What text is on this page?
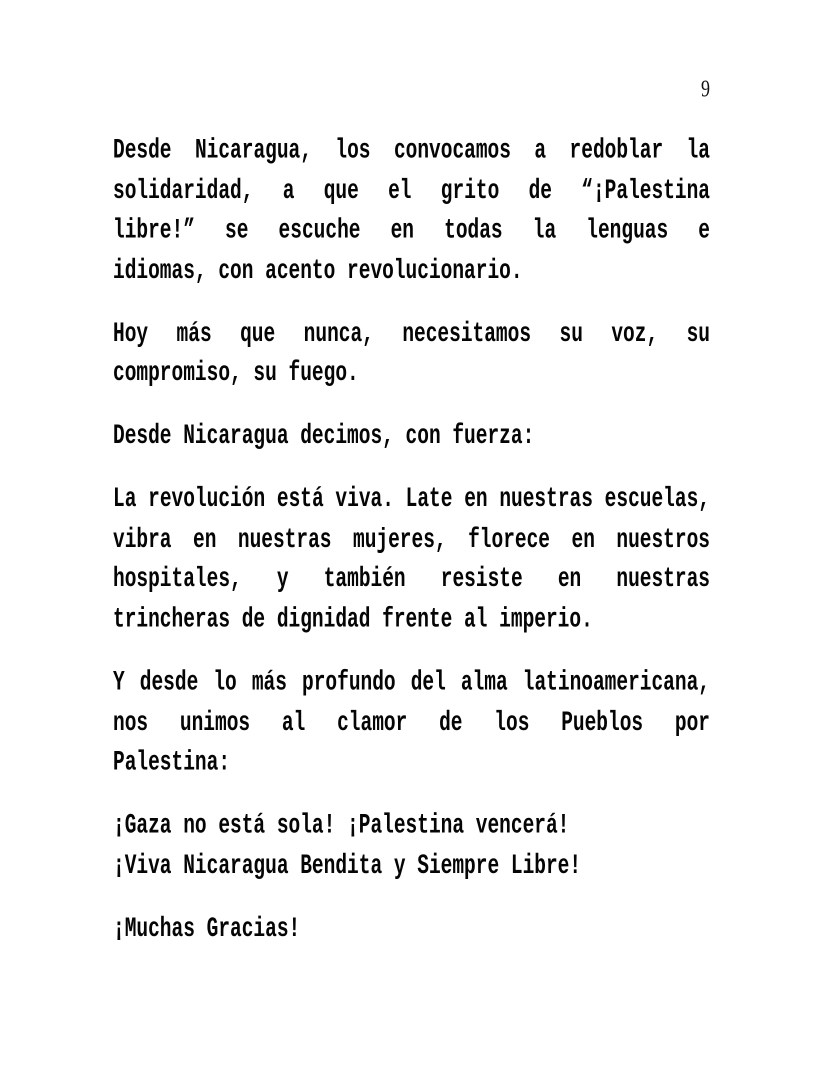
9

Desde Nicaragua, los convocamos a redoblar la
solidaridad, a que el grito de “¡Palestina
libre!” se escuche en todas la lenguas e
idiomas, con acento revolucionario.

Hoy más que nunca, necesitamos su voz, su
compromiso, su fuego.

Desde Nicaragua decimos, con fuerza:

La revolución está viva. Late en nuestras escuelas,
vibra en nuestras mujeres, florece en nuestros
hospitales, y también resiste en nuestras
trincheras de dignidad frente al imperio.

Y desde lo más profundo del alma latinoamericana,
nos unimos al clamor de los Pueblos por
Palestina:

¡Gaza no está sola! ¡Palestina vencerá!
¡Viva Nicaragua Bendita y Siempre Libre!

¡Muchas Gracias!
